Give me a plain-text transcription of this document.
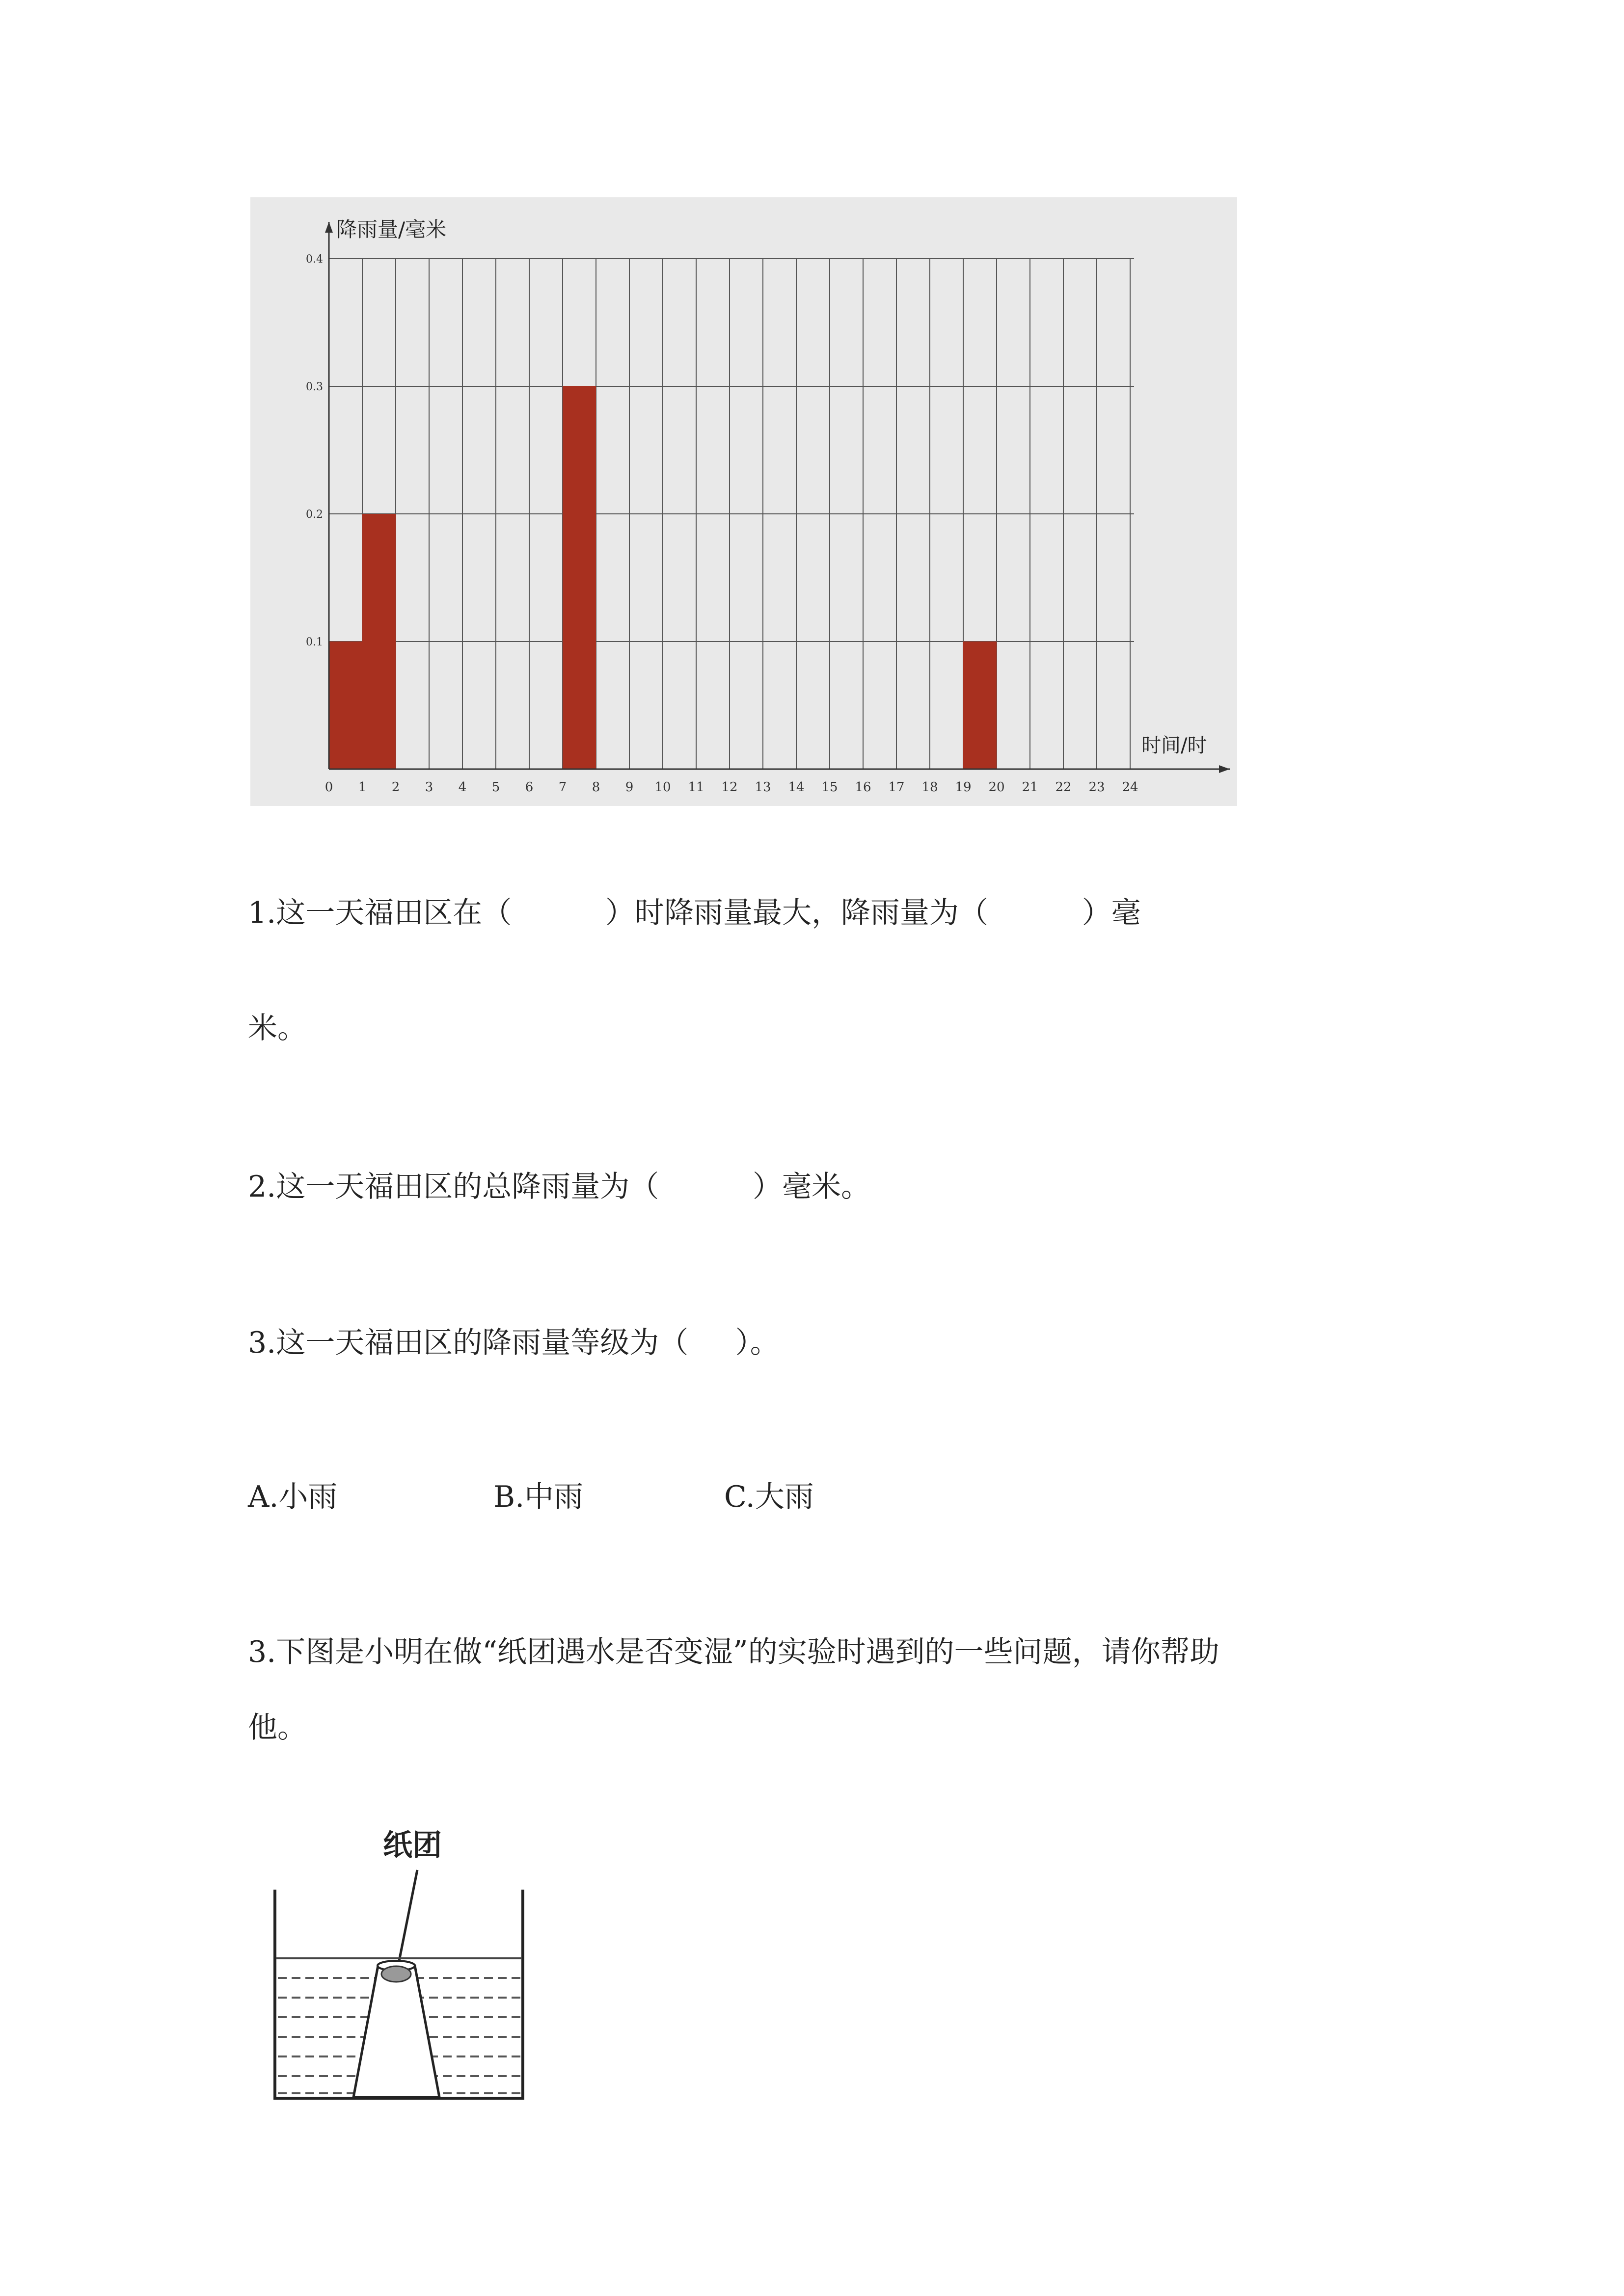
0 1 2 3 4 5 6 7 8 9 10 11 12 13 14 15 16 17 18 19 20 21 22 23 24
0.1
0.2
0.3
0.4
降雨量/毫米
时间/时
1.这一天福田区在（          ）时降雨量最大，降雨量为（          ）毫
米。
2.这一天福田区的总降雨量为（          ）毫米。
3.这一天福田区的降雨量等级为（     ）。
A.小雨	B.中雨	C.大雨
3.下图是小明在做“纸团遇水是否变湿”的实验时遇到的一些问题，请你帮助
他。
纸团
